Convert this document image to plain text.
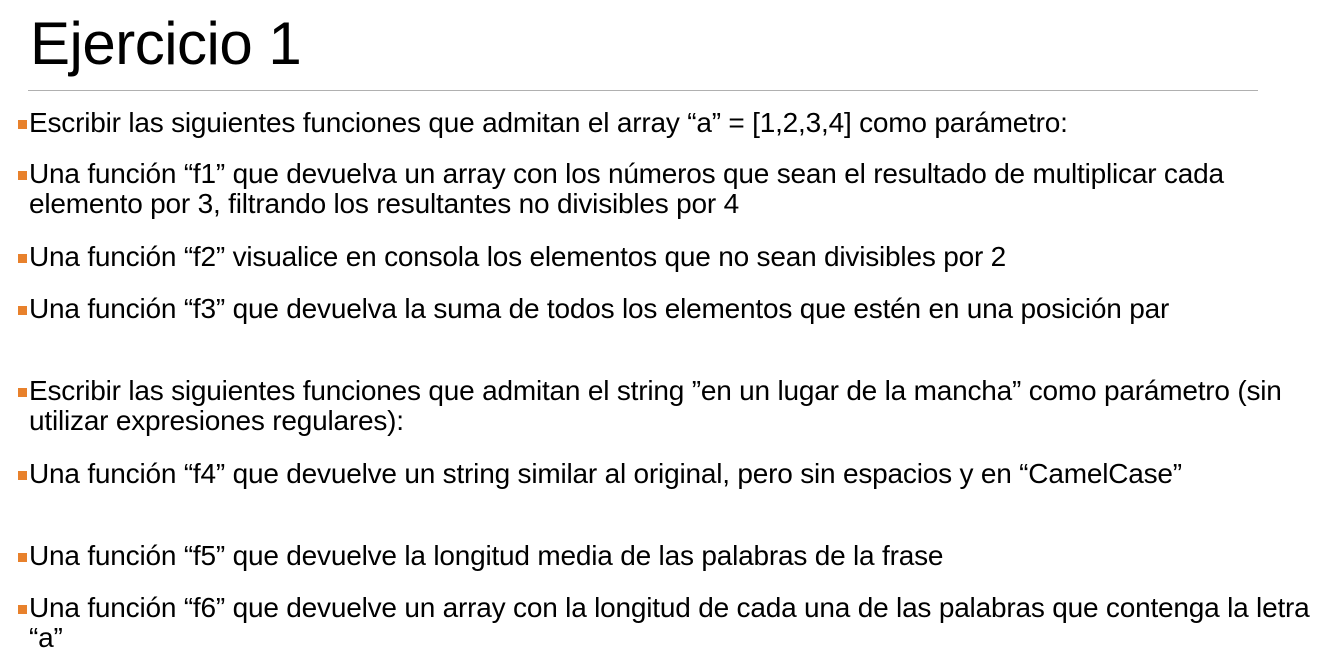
Ejercicio 1
Escribir las siguientes funciones que admitan el array “a” = [1,2,3,4] como parámetro:
Una función “f1” que devuelva un array con los números que sean el resultado de multiplicar cada elemento por 3, filtrando los resultantes no divisibles por 4
Una función “f2” visualice en consola los elementos que no sean divisibles por 2
Una función “f3” que devuelva la suma de todos los elementos que estén en una posición par
Escribir las siguientes funciones que admitan el string ”en un lugar de la mancha” como parámetro (sin utilizar expresiones regulares):
Una función “f4” que devuelve un string similar al original, pero sin espacios y en “CamelCase”
Una función “f5” que devuelve la longitud media de las palabras de la frase
Una función “f6” que devuelve un array con la longitud de cada una de las palabras que contenga la letra “a”
